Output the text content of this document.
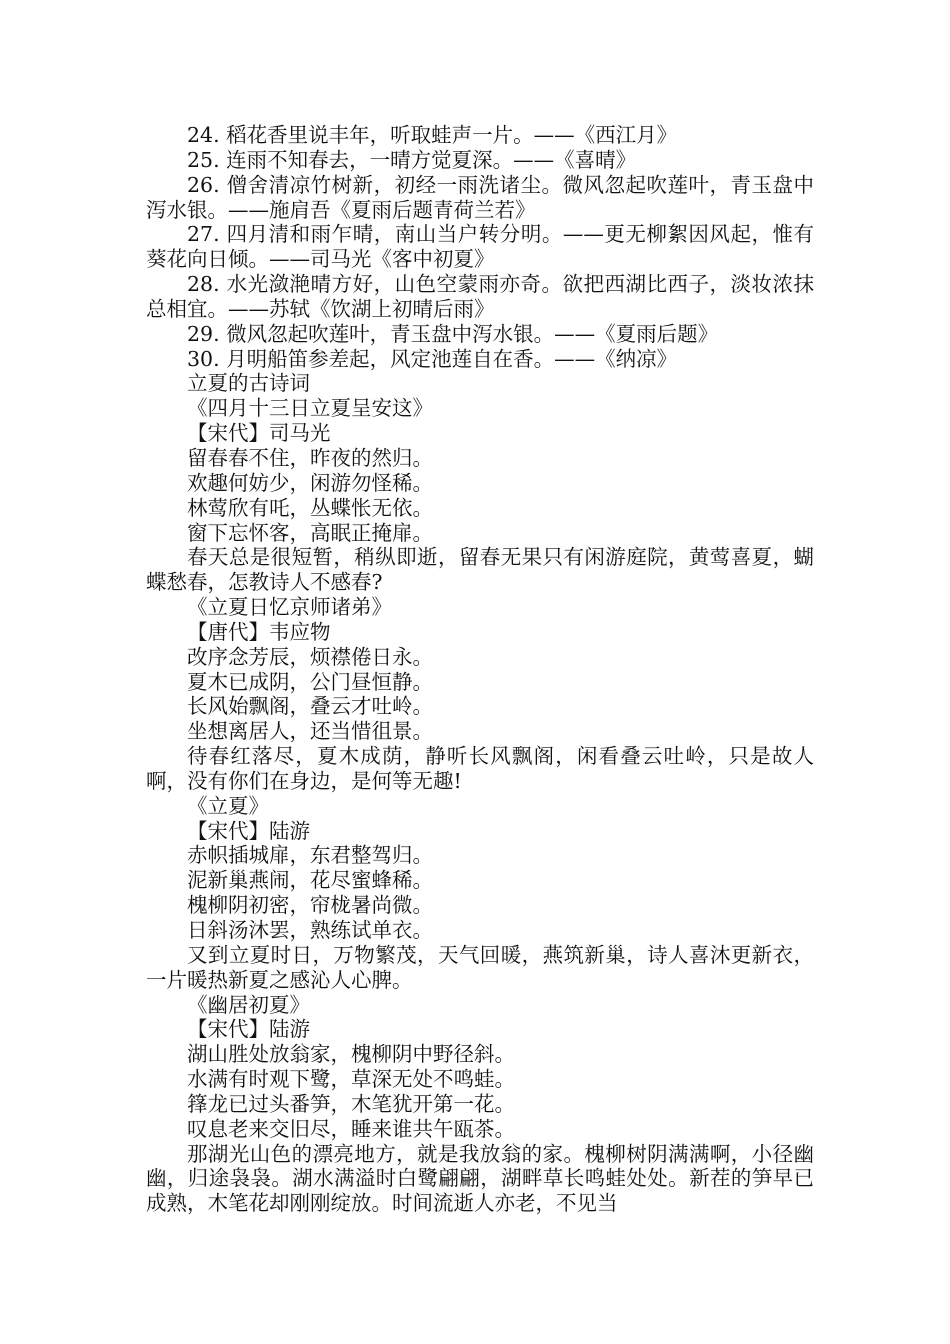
24. 稻花香里说丰年，听取蛙声一片。——《西江月》

25. 连雨不知春去，一晴方觉夏深。——《喜晴》

26. 僧舍清凉竹树新，初经一雨洗诸尘。微风忽起吹莲叶，青玉盘中泻水银。——施肩吾《夏雨后题青荷兰若》

27. 四月清和雨乍晴，南山当户转分明。——更无柳絮因风起，惟有葵花向日倾。——司马光《客中初夏》

28. 水光潋滟晴方好，山色空蒙雨亦奇。欲把西湖比西子，淡妆浓抹总相宜。——苏轼《饮湖上初晴后雨》

29. 微风忽起吹莲叶，青玉盘中泻水银。——《夏雨后题》

30. 月明船笛参差起，风定池莲自在香。——《纳凉》

立夏的古诗词

《四月十三日立夏呈安这》

【宋代】司马光

留春春不住，昨夜的然归。

欢趣何妨少，闲游勿怪稀。

林莺欣有吒，丛蝶怅无依。

窗下忘怀客，高眠正掩扉。

春天总是很短暂，稍纵即逝，留春无果只有闲游庭院，黄莺喜夏，蝴蝶愁春，怎教诗人不感春?

《立夏日忆京师诸弟》

【唐代】韦应物

改序念芳辰，烦襟倦日永。

夏木已成阴，公门昼恒静。

长风始飘阁，叠云才吐岭。

坐想离居人，还当惜徂景。

待春红落尽，夏木成荫，静听长风飘阁，闲看叠云吐岭，只是故人啊，没有你们在身边，是何等无趣!

《立夏》

【宋代】陆游

赤帜插城扉，东君整驾归。

泥新巢燕闹，花尽蜜蜂稀。

槐柳阴初密，帘栊暑尚微。

日斜汤沐罢，熟练试单衣。

又到立夏时日，万物繁茂，天气回暖，燕筑新巢，诗人喜沐更新衣，一片暖热新夏之感沁人心脾。

《幽居初夏》

【宋代】陆游

湖山胜处放翁家，槐柳阴中野径斜。

水满有时观下鹭，草深无处不鸣蛙。

箨龙已过头番笋，木笔犹开第一花。

叹息老来交旧尽，睡来谁共午瓯茶。

那湖光山色的漂亮地方，就是我放翁的家。槐柳树阴满满啊，小径幽幽，归途袅袅。湖水满溢时白鹭翩翩，湖畔草长鸣蛙处处。新茬的笋早已成熟，木笔花却刚刚绽放。时间流逝人亦老，不见当
